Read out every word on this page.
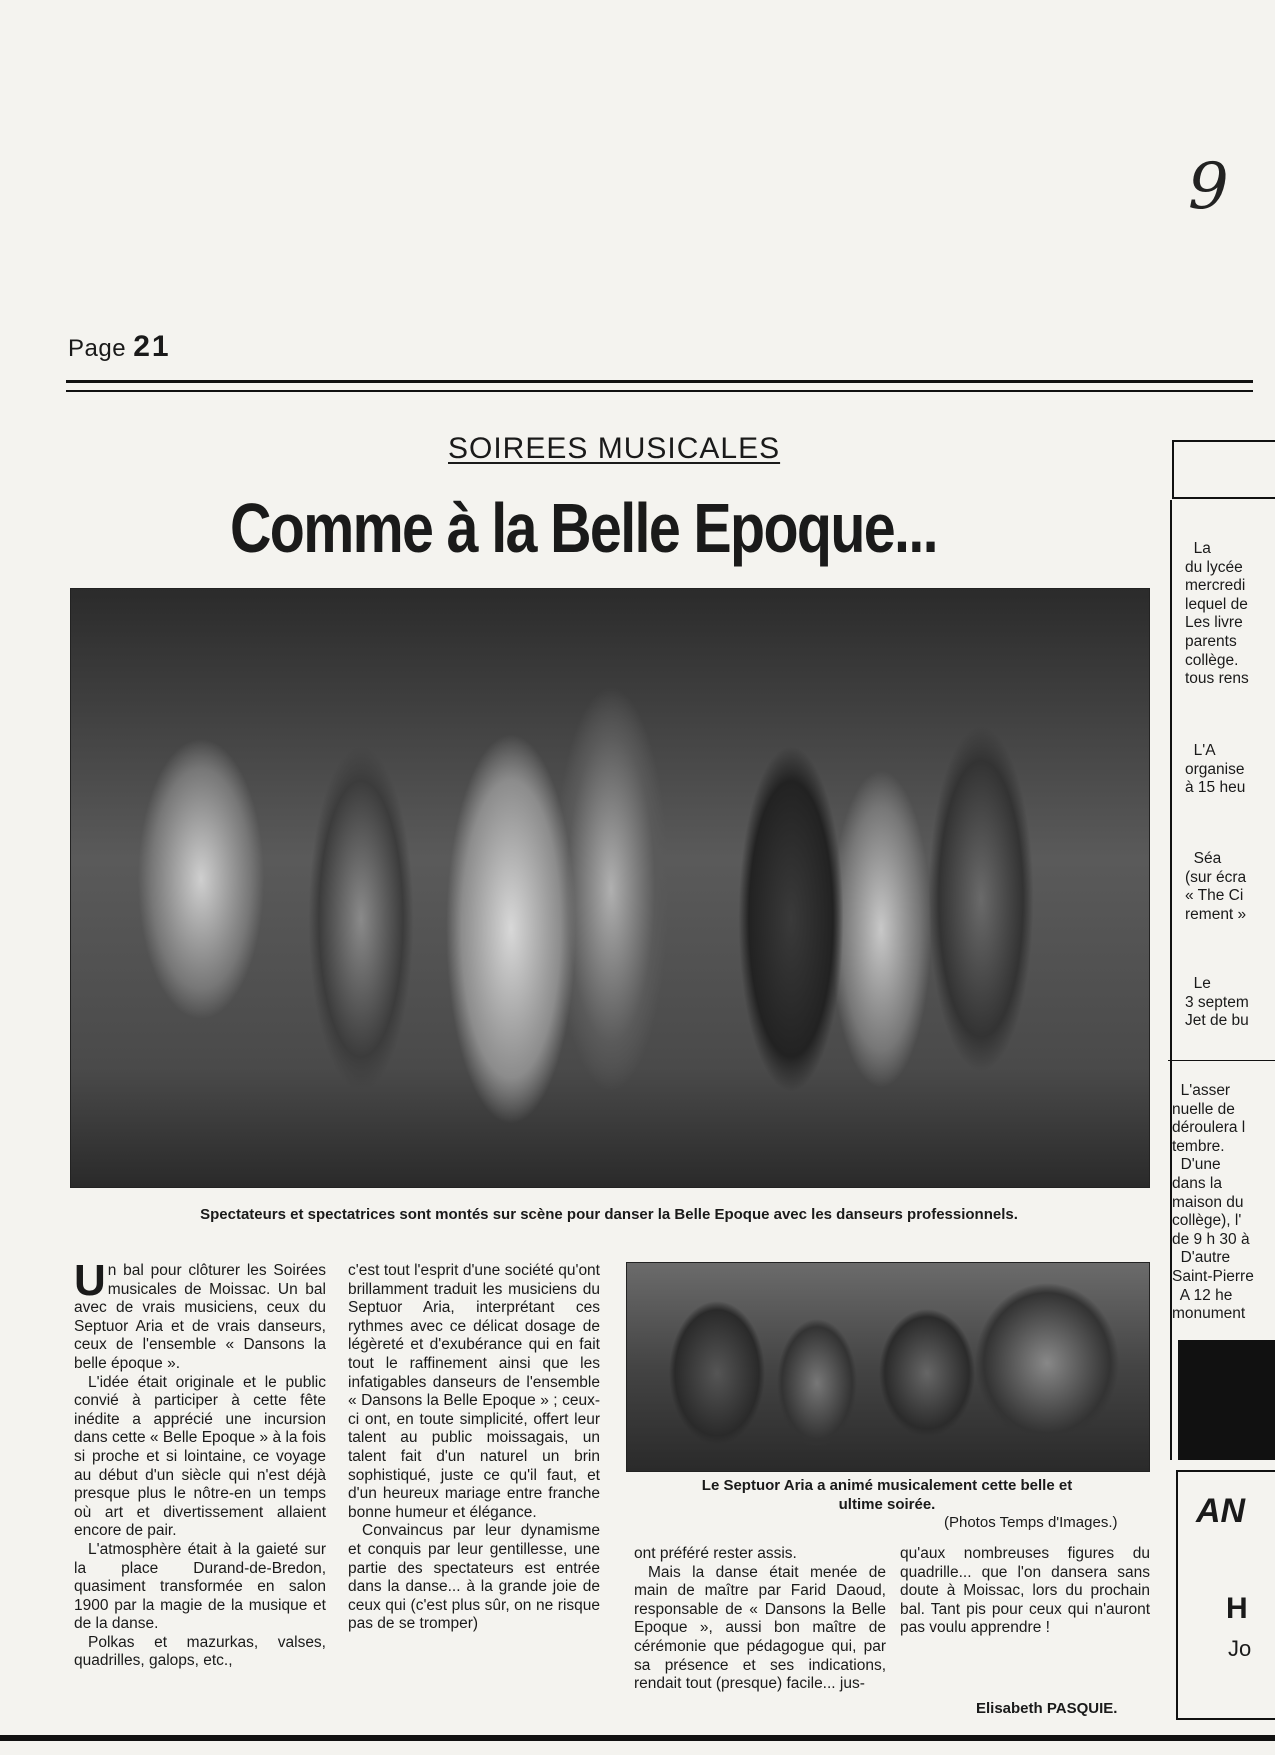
9
Page 21
SOIREES MUSICALES
Comme à la Belle Epoque...
Spectateurs et spectatrices sont montés sur scène pour danser la Belle Epoque avec les danseurs professionnels.

Un bal pour clôturer les Soirées musicales de Moissac. Un bal avec de vrais musiciens, ceux du Septuor Aria et de vrais danseurs, ceux de l'ensemble « Dansons la belle époque ».

L'idée était originale et le public convié à participer à cette fête inédite a apprécié une incursion dans cette « Belle Epoque » à la fois si proche et si lointaine, ce voyage au début d'un siècle qui n'est déjà presque plus le nôtre-en un temps où art et divertissement allaient encore de pair.

L'atmosphère était à la gaieté sur la place Durand-de-Bredon, quasiment transformée en salon 1900 par la magie de la musique et de la danse.

Polkas et mazurkas, valses, quadrilles, galops, etc.,

c'est tout l'esprit d'une société qu'ont brillamment traduit les musiciens du Septuor Aria, interprétant ces rythmes avec ce délicat dosage de légèreté et d'exubérance qui en fait tout le raffinement ainsi que les infatigables danseurs de l'ensemble « Dansons la Belle Epoque » ; ceux-ci ont, en toute simplicité, offert leur talent au public moissagais, un talent fait d'un naturel un brin sophistiqué, juste ce qu'il faut, et d'un heureux mariage entre franche bonne humeur et élégance.

Convaincus par leur dynamisme et conquis par leur gentillesse, une partie des spectateurs est entrée dans la danse... à la grande joie de ceux qui (c'est plus sûr, on ne risque pas de se tromper)

Le Septuor Aria a animé musicalement cette belle et
ultime soirée.
(Photos Temps d'Images.)

ont préféré rester assis.

Mais la danse était menée de main de maître par Farid Daoud, responsable de « Dansons la Belle Epoque », aussi bon maître de cérémonie que pédagogue qui, par sa présence et ses indications, rendait tout (presque) facile... jus-

qu'aux nombreuses figures du quadrille... que l'on dansera sans doute à Moissac, lors du prochain bal. Tant pis pour ceux qui n'auront pas voulu apprendre !

Elisabeth PASQUIE.
La
du lycée
mercredi
lequel de
Les livre
parents
collège.
tous rens
L'A
organise
à 15 heu
Séa
(sur écra
« The Ci
rement »
Le
3 septem
Jet de bu
L'asser
nuelle de
déroulera l
tembre.
D'une
dans la
maison du
collège), l'
de 9 h 30 à
D'autre
Saint-Pierre
A 12 he
monument
AN
H
Jo
